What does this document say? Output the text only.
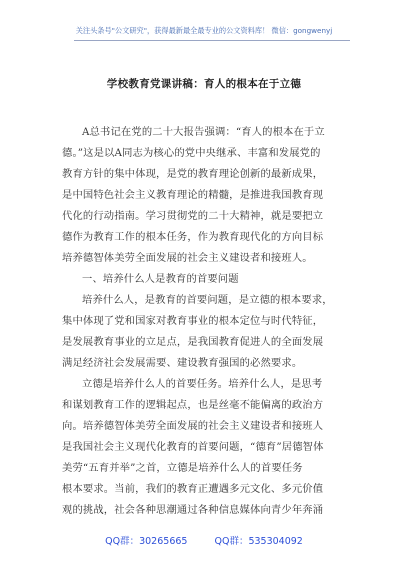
关注头条号"公文研究"，获得最新最全最专业的公文资料库！ 微信：gongwenyj
学校教育党课讲稿：育人的根本在于立德
A总书记在党的二十大报告强调：“育人的根本在于立
德。”这是以A同志为核心的党中央继承、丰富和发展党的
教育方针的集中体现，是党的教育理论创新的最新成果，
是中国特色社会主义教育理论的精髓，是推进我国教育现
代化的行动指南。学习贯彻党的二十大精神，就是要把立
德作为教育工作的根本任务，作为教育现代化的方向目标
培养德智体美劳全面发展的社会主义建设者和接班人。
一、培养什么人是教育的首要问题
培养什么人，是教育的首要问题，是立德的根本要求，
集中体现了党和国家对教育事业的根本定位与时代特征，
是发展教育事业的立足点，是我国教育促进人的全面发展
满足经济社会发展需要、建设教育强国的必然要求。
立德是培养什么人的首要任务。培养什么人，是思考
和谋划教育工作的逻辑起点，也是丝毫不能偏离的政治方
向。培养德智体美劳全面发展的社会主义建设者和接班人
是我国社会主义现代化教育的首要问题，“德育”居德智体
美劳“五育并举”之首，立德是培养什么人的首要任务
根本要求。当前，我们的教育正遭遇多元文化、多元价值
观的挑战，社会各种思潮通过各种信息媒体向青少年奔涌
QQ群：30265665	QQ群：535304092
